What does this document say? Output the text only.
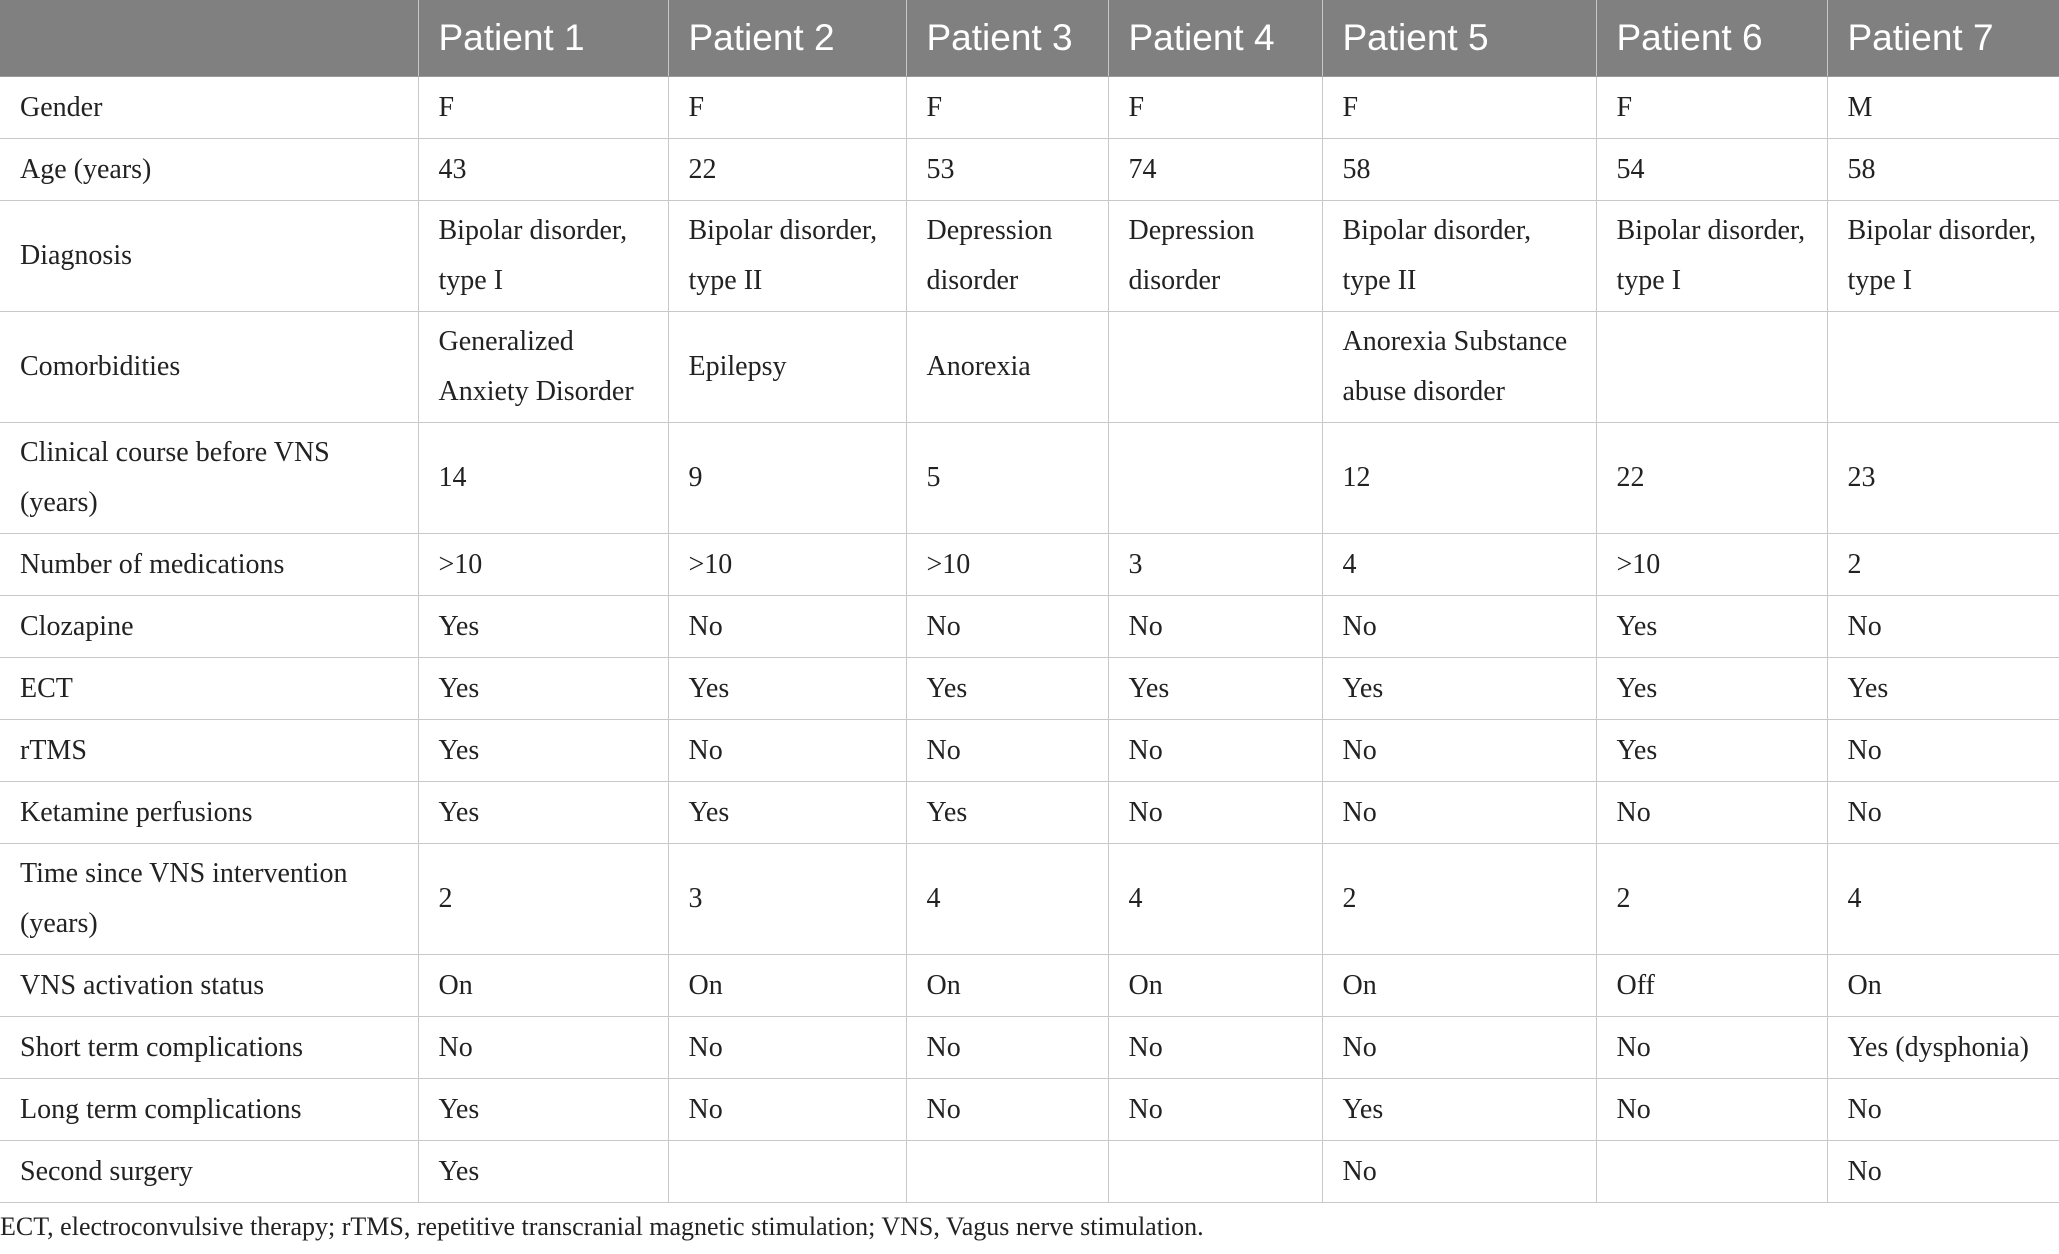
	Patient 1	Patient 2	Patient 3	Patient 4	Patient 5	Patient 6	Patient 7

Gender	F	F	F	F	F	F	M

Age (years)	43	22	53	74	58	54	58

Diagnosis	Bipolar disorder, type I	Bipolar disorder, type II	Depression disorder	Depression disorder	Bipolar disorder, type II	Bipolar disorder, type I	Bipolar disorder, type I

Comorbidities	Generalized Anxiety Disorder	Epilepsy	Anorexia		Anorexia Substance abuse disorder		

Clinical course before VNS (years)	14	9	5		12	22	23

Number of medications	>10	>10	>10	3	4	>10	2

Clozapine	Yes	No	No	No	No	Yes	No

ECT	Yes	Yes	Yes	Yes	Yes	Yes	Yes

rTMS	Yes	No	No	No	No	Yes	No

Ketamine perfusions	Yes	Yes	Yes	No	No	No	No

Time since VNS intervention (years)	2	3	4	4	2	2	4

VNS activation status	On	On	On	On	On	Off	On

Short term complications	No	No	No	No	No	No	Yes (dysphonia)

Long term complications	Yes	No	No	No	Yes	No	No

Second surgery	Yes				No		No
ECT, electroconvulsive therapy; rTMS, repetitive transcranial magnetic stimulation; VNS, Vagus nerve stimulation.
